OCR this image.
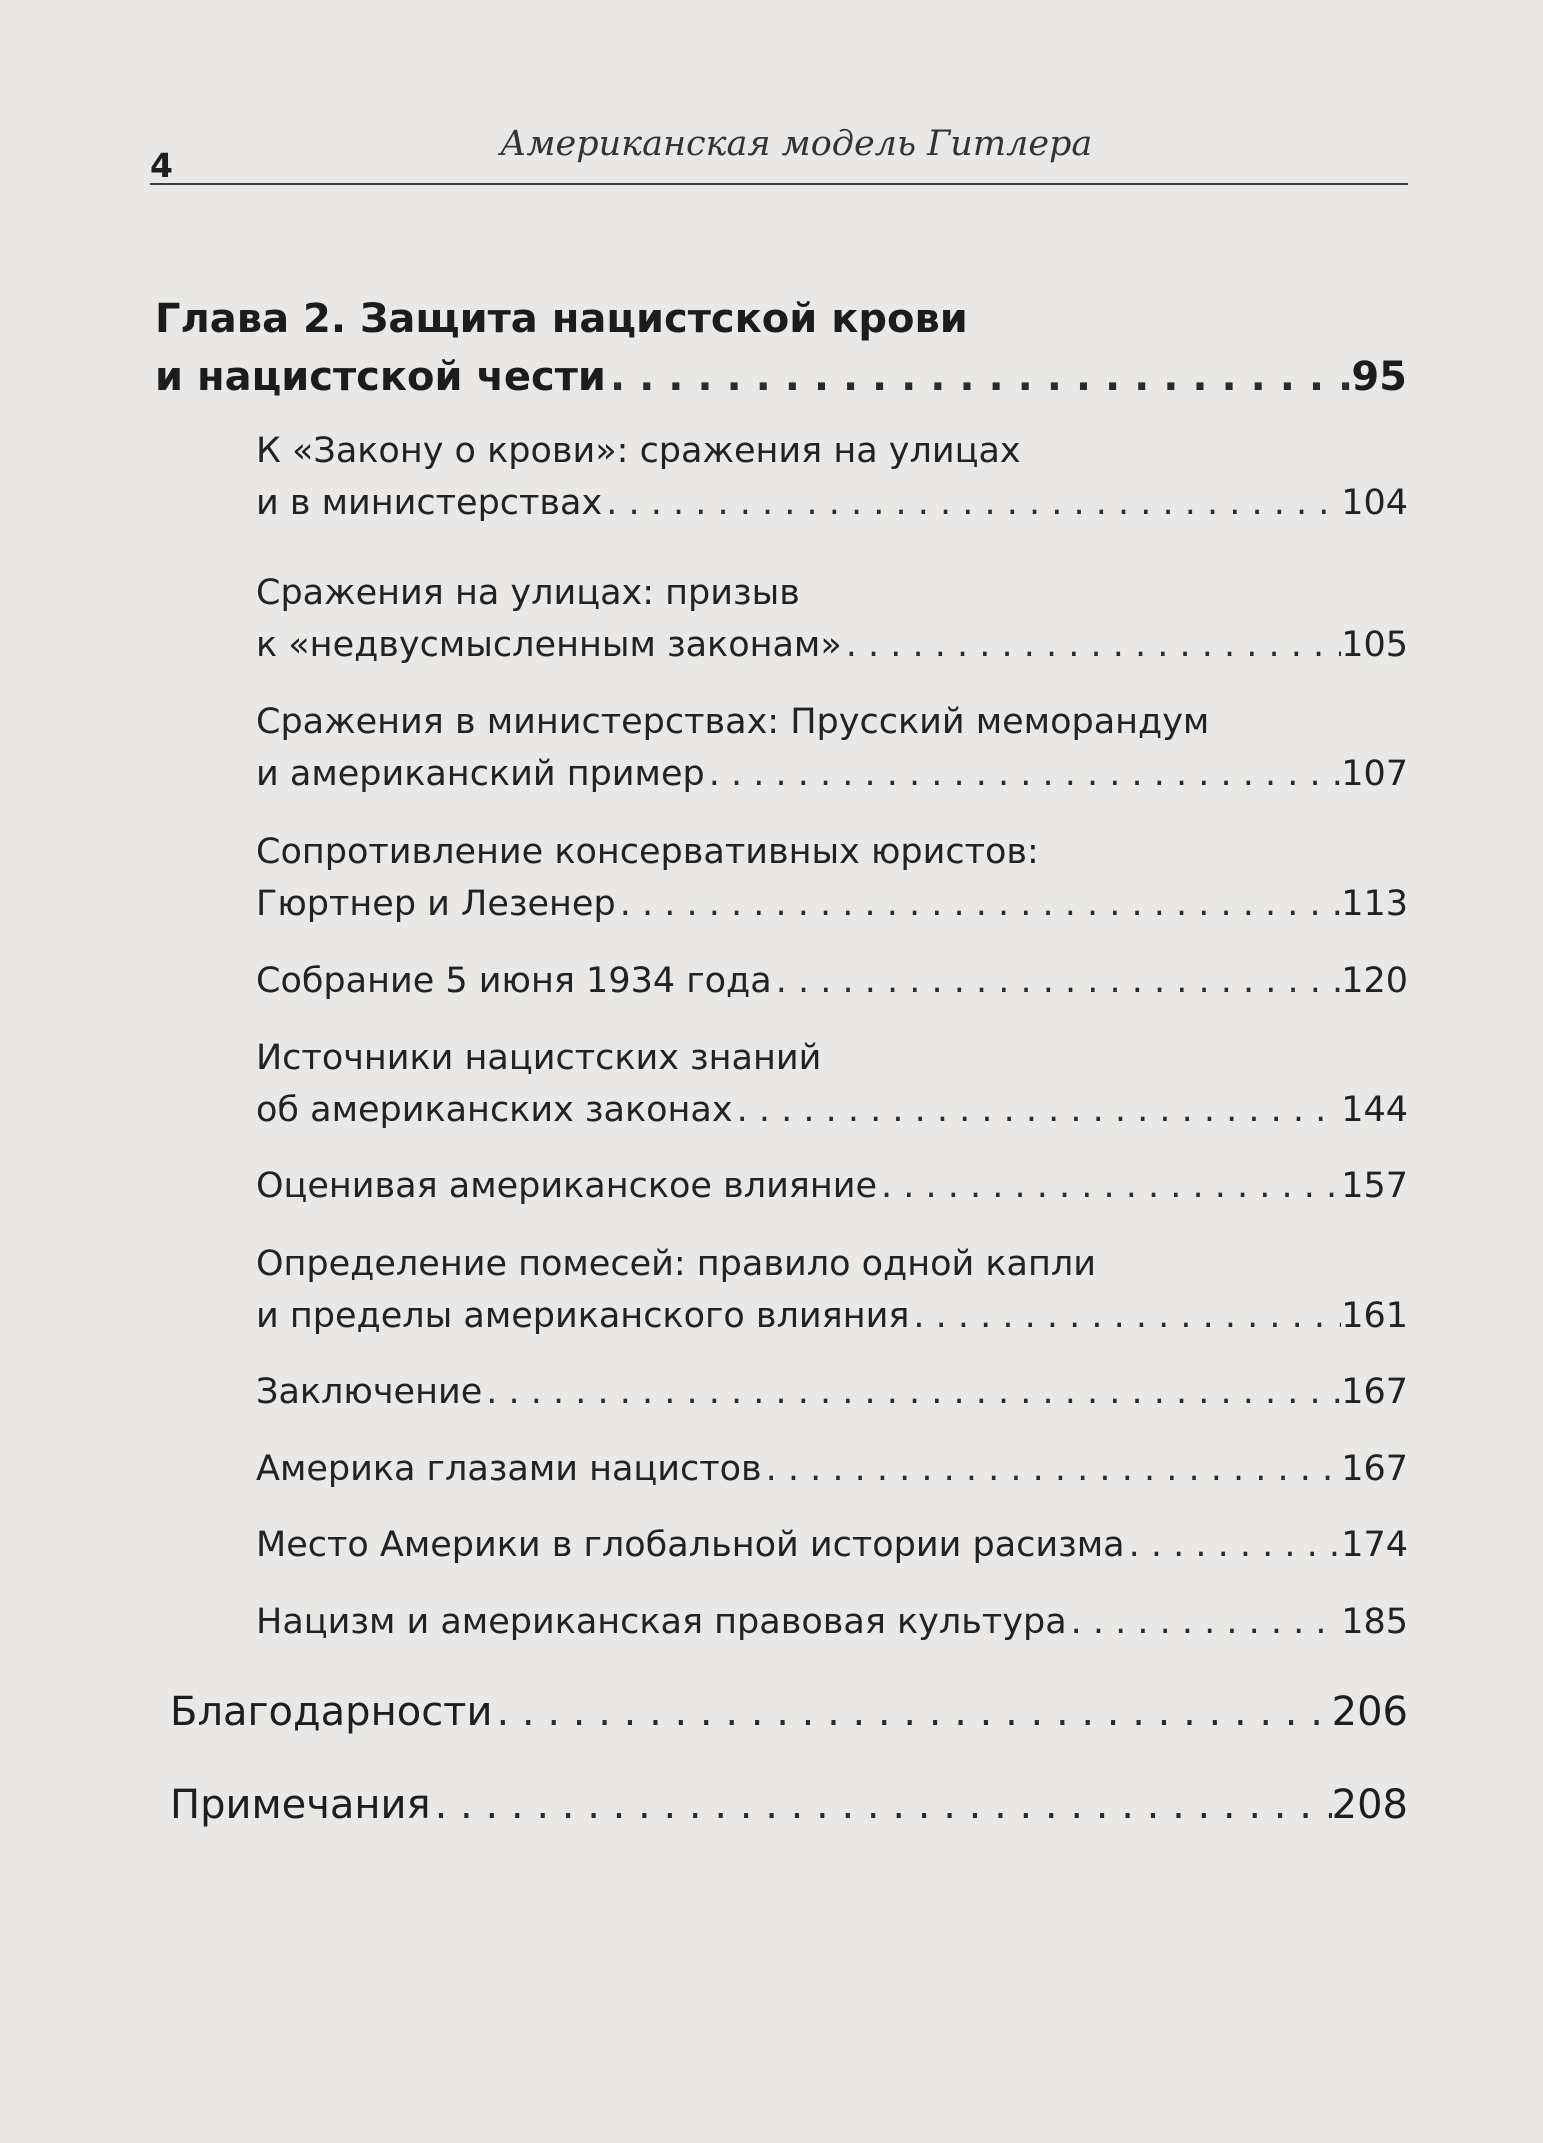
4
Американская модель Гитлера
Глава 2. Защита нацистской крови
и нацистской чести . . .	95
К «Закону о крови»: сражения на улицах
и в министерствах . . .	104
Сражения на улицах: призыв
к «недвусмысленным законам» . . .	105
Сражения в министерствах: Прусский меморандум
и американский пример . . .	107
Сопротивление консервативных юристов:
Гюртнер и Лезенер . . .	113
Собрание 5 июня 1934 года . . .	120
Источники нацистских знаний
об американских законах . . .	144
Оценивая американское влияние . . .	157
Определение помесей: правило одной капли
и пределы американского влияния . . .	161
Заключение . . .	167
Америка глазами нацистов . . .	167
Место Америки в глобальной истории расизма . . .	174
Нацизм и американская правовая культура . . .	185
Благодарности . . .	206
Примечания . . .	208
